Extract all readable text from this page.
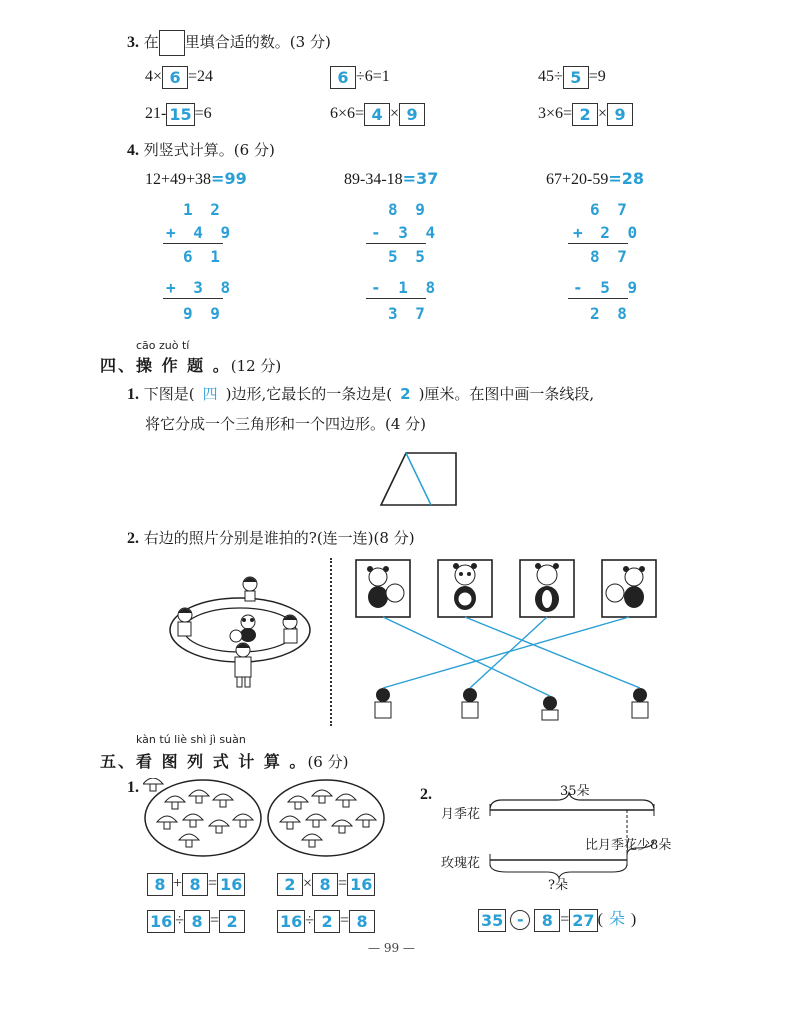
3. 在 里填合适的数。(3 分)
4× 6 =24	6 ÷6=1	45÷ 5 =9
21- 15 =6	6×6= 4 × 9	3×6= 2 × 9
4. 列竖式计算。(6 分)
12+49+38=99	89-34-18=37	67+20-59=28
1 2
+ 4 9
6 1
+ 3 8
9 9
8 9
- 3 4
5 5
- 1 8
3 7
6 7
+ 2 0
8 7
- 5 9
2 8
cāo zuò tí
四、操 作 题 。(12 分)
1. 下图是( 四 )边形,它最长的一条边是( 2 )厘米。在图中画一条线段,
将它分成一个三角形和一个四边形。(4 分)
2. 右边的照片分别是谁拍的?(连一连)(8 分)
kàn tú liè shì jì suàn
五、看 图 列 式 计 算 。(6 分)
1.
8 + 8 = 16	2 × 8 = 16
16 ÷ 8 = 2	16 ÷ 2 = 8
2.	35朵
月季花
比月季花少8朵
玫瑰花
?朵
35 - 8 = 27 ( 朵 )
— 99 —
